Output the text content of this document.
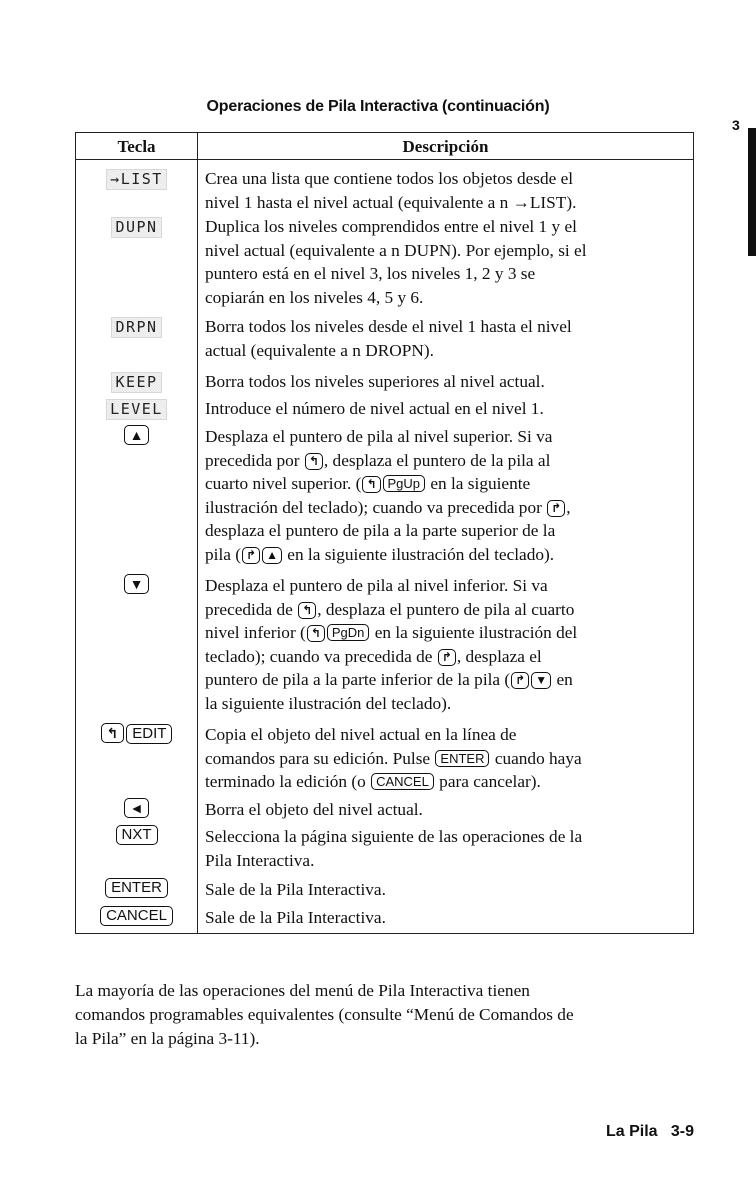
Operaciones de Pila Interactiva (continuación)
3
Tecla	Descripción
→LIST	Crea una lista que contiene todos los objetos desde el
nivel 1 hasta el nivel actual (equivalente a n →LIST).
DUPN	Duplica los niveles comprendidos entre el nivel 1 y el
nivel actual (equivalente a n DUPN). Por ejemplo, si el
puntero está en el nivel 3, los niveles 1, 2 y 3 se
copiarán en los niveles 4, 5 y 6.
DRPN	Borra todos los niveles desde el nivel 1 hasta el nivel
actual (equivalente a n DROPN).
KEEP	Borra todos los niveles superiores al nivel actual.
LEVEL	Introduce el número de nivel actual en el nivel 1.
▲	Desplaza el puntero de pila al nivel superior. Si va
precedida por ↰ , desplaza el puntero de la pila al
cuarto nivel superior. ( ↰ PgUp en la siguiente
ilustración del teclado); cuando va precedida por ↱ ,
desplaza el puntero de pila a la parte superior de la
pila ( ↱ ▲ en la siguiente ilustración del teclado).
▼	Desplaza el puntero de pila al nivel inferior. Si va
precedida de ↰ , desplaza el puntero de pila al cuarto
nivel inferior ( ↰ PgDn en la siguiente ilustración del
teclado); cuando va precedida de ↱ , desplaza el
puntero de pila a la parte inferior de la pila ( ↱ ▼ en
la siguiente ilustración del teclado).
↰ EDIT	Copia el objeto del nivel actual en la línea de
comandos para su edición. Pulse ENTER cuando haya
terminado la edición (o CANCEL para cancelar).
◄	Borra el objeto del nivel actual.
NXT	Selecciona la página siguiente de las operaciones de la
Pila Interactiva.
ENTER	Sale de la Pila Interactiva.
CANCEL	Sale de la Pila Interactiva.
La mayoría de las operaciones del menú de Pila Interactiva tienen
comandos programables equivalentes (consulte “Menú de Comandos de
la Pila” en la página 3-11).
La Pila   3-9
